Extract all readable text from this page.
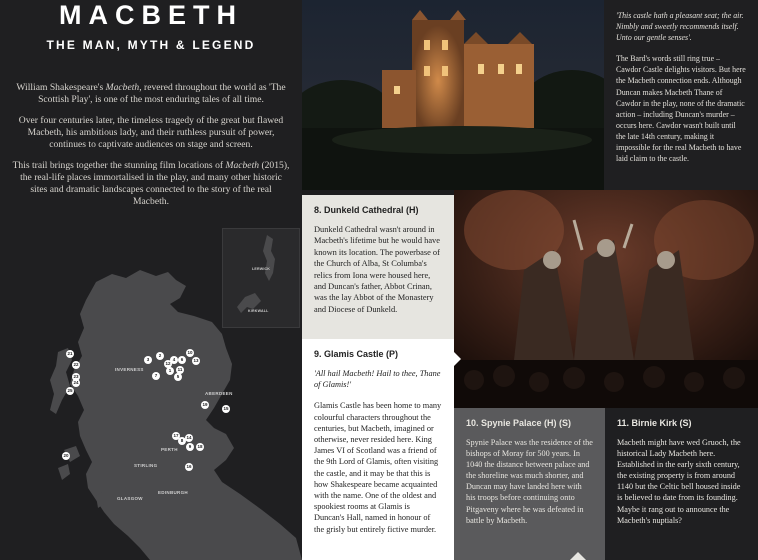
MACBETH
THE MAN, MYTH & LEGEND

William Shakespeare's Macbeth, revered throughout the world as 'The Scottish Play', is one of the most enduring tales of all time.

Over four centuries later, the timeless tragedy of the great but flawed Macbeth, his ambitious lady, and their ruthless pursuit of power, continues to captivate audiences on stage and screen.

This trail brings together the stunning film locations of Macbeth (2015), the real-life places immortalised in the play, and many other historic sites and dramatic landscapes connected to the story of the real Macbeth.

LERWICK
KIRKWALL
INVERNESS
ABERDEEN
PERTH
STIRLING
GLASGOW
EDINBURGH
1
2
3	4
5
6
7
8
9
10
11
12
13
14
15
16
17
18
19
20
21
22
23
24
25

'This castle hath a pleasant seat; the air. Nimbly and sweetly recommends itself. Unto our gentle senses'.

The Bard's words still ring true – Cawdor Castle delights visitors. But here the Macbeth connection ends. Although Duncan makes Macbeth Thane of Cawdor in the play, none of the dramatic action – including Duncan's murder – occurs here. Cawdor wasn't built until the late 14th century, making it impossible for the real Macbeth to have laid claim to the castle.

8. Dunkeld Cathedral (H)

Dunkeld Cathedral wasn't around in Macbeth's lifetime but he would have known its location. The powerbase of the Church of Alba, St Columba's relics from Iona were housed here, and Duncan's father, Abbot Crinan, was the lay Abbot of the Monastery and Diocese of Dunkeld.

9. Glamis Castle (P)

'All hail Macbeth! Hail to thee, Thane of Glamis!'

Glamis Castle has been home to many colourful characters throughout the centuries, but Macbeth, imagined or otherwise, never resided here. King James VI of Scotland was a friend of the 9th Lord of Glamis, often visiting the castle, and it may be that this is how Shakespeare became acquainted with the name. One of the oldest and spookiest rooms at Glamis is Duncan's Hall, named in honour of the grisly but entirely fictive murder.

10. Spynie Palace (H) (S)

Spynie Palace was the residence of the bishops of Moray for 500 years. In 1040 the distance between palace and the shoreline was much shorter, and Duncan may have landed here with his troops before continuing onto Pitgaveny where he was defeated in battle by Macbeth.

11. Birnie Kirk (S)

Macbeth might have wed Gruoch, the historical Lady Macbeth here. Established in the early sixth century, the existing property is from around 1140 but the Celtic bell housed inside is believed to date from its founding. Maybe it rang out to announce the Macbeth's nuptials?
